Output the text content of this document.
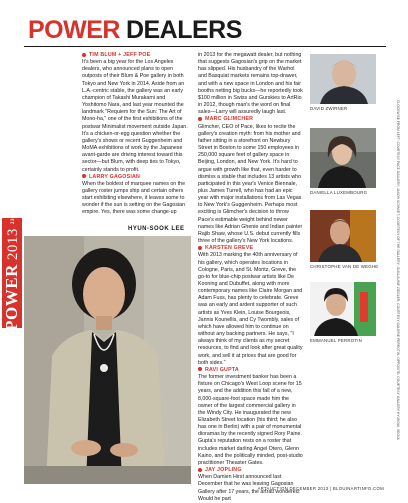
POWER2013232
POWER DEALERS

TIM BLUM + JEFF POE

It's been a big year for the Los Angeles dealers, who announced plans to open outposts of their Blum & Poe gallery in both Tokyo and New York in 2014. Aside from an L.A.-centric stable, the gallery was an early champion of Takashi Murakami and Yoshitomo Nara, and last year mounted the landmark "Requiem for the Sun: The Art of Mono-ha," one of the first exhibitions of the postwar Minimalist movement outside Japan. It's a chicken-or-egg question whether the gallery's shows or recent Guggenheim and MoMA exhibitions of work by the Japanese avant-garde are driving interest toward this sector—but Blum, with deep ties to Tokyo, certainly stands to profit.

LARRY GAGOSIAN

When the boldest of marquee names on the gallery roster jumps ship and certain others start exhibiting elsewhere, it leaves some to wonder if the sun is setting on the Gagosian empire. Yes, there was some change-up

in 2013 for the megawatt dealer, but nothing that suggests Gagosian's grip on the market has slipped. His husbandry of the Warhol and Basquiat markets remains top-drawer, and with a new space in London and his fair booths netting big bucks—he reportedly took $100 million in Swiss and Gurskies to ArtRio in 2012, though man's the word on final sales—Larry will assuredly laugh last.

MARC GLIMCHER

Glimcher, CEO of Pace, likes to recite the gallery's creation myth: from his mother and father sitting in a storefront on Newbury Street in Boston to some 150 employees in 250,000 square feet of gallery space in Beijing, London, and New York. It's hard to argue with growth like that, even harder to dismiss a stable that includes 13 artists who participated in this year's Venice Biennale, plus James Turrell, who has had an epic year with major installations from Las Vegas to New York's Guggenheim. Perhaps most exciting is Glimcher's decision to throw Pace's estimable weight behind newer names like Adrian Ghenie and Indian painter Rajib Shaw, whose U.S. debut currently fills three of the gallery's New York locations.

KARSTEN GREVE

With 2013 marking the 40th anniversary of his gallery, which operates locations in Cologne, Paris, and St. Moritz, Greve, the go-to for blue-chip postwar artists like De Kooning and Dubuffet, along with more contemporary names like Claire Morgan and Adam Fuss, has plenty to celebrate. Greve was an early and ardent supporter of such artists as Yves Klein, Louise Bourgeois, Jannis Kounellis, and Cy Twombly, sales of which have allowed him to continue on without any backing partners. He says, "I always think of my clients as my secret resources, to find and look after great quality work, and sell it at prices that are good for both sides."

RAVI GUPTA

The former investment banker has been a fixture on Chicago's West Loop scene for 15 years, and the addition this fall of a new, 8,000-square-foot space made him the owner of the largest commercial gallery in the Windy City. He inaugurated the new Elizabeth Street location (his third; he also has one in Berlin) with a pair of monumental dioramas by the recently signed Rory Paine. Gupta's reputation rests on a roster that includes market darling Angel Otero, Glenn Kaino, and the politically minded, post-studio practitioner Theaster Gates.

JAY JOPLING

When Damien Hirst announced last December that he was leaving Gagosian Gallery after 17 years, the artrati wondered: Would he part

HYUN-SOOK LEE

DAVID ZWIRNER

DANIELLA LUXEMBOURG

CHRISTOPHE VAN DE WEGHE

EMMANUEL PERROTIN	CLOCKWISE FROM LEFT: COURTESY PACE GALLERY; JASON SCHMIDT; COURTESY OF THE GALLERY; GUILLAUME ZIEGLER; COURTESY GALERIE PERROTIN. OPPOSITE: COURTESY GALLERY HYUNDAI, SEOUL

ARTAUCTION DECEMBER 2013 | BLOUINARTINFO.COM
